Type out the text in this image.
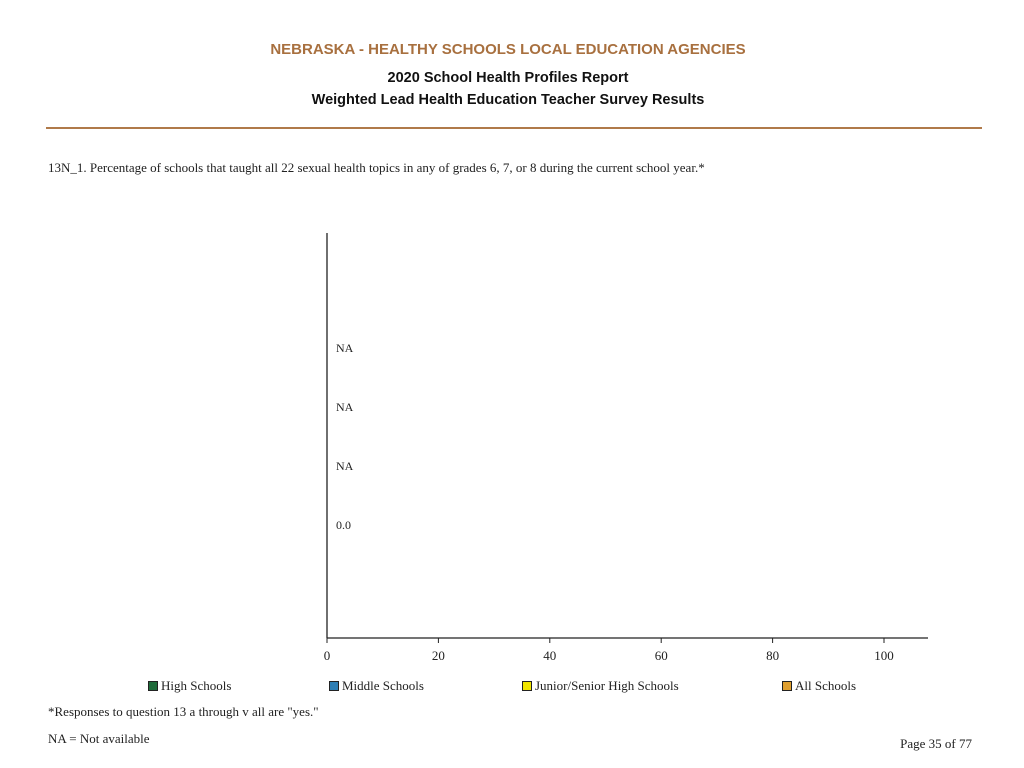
NEBRASKA - HEALTHY SCHOOLS LOCAL EDUCATION AGENCIES
2020 School Health Profiles Report
Weighted Lead Health Education Teacher Survey Results
13N_1. Percentage of schools that taught all 22 sexual health topics in any of grades 6, 7, or 8 during the current school year.*
0	20	40	60	80	100
NA
NA
NA
0.0
High Schools	Middle Schools	Junior/Senior High Schools	All Schools
*Responses to question 13 a through v all are "yes."
NA = Not available	Page 35 of 77
